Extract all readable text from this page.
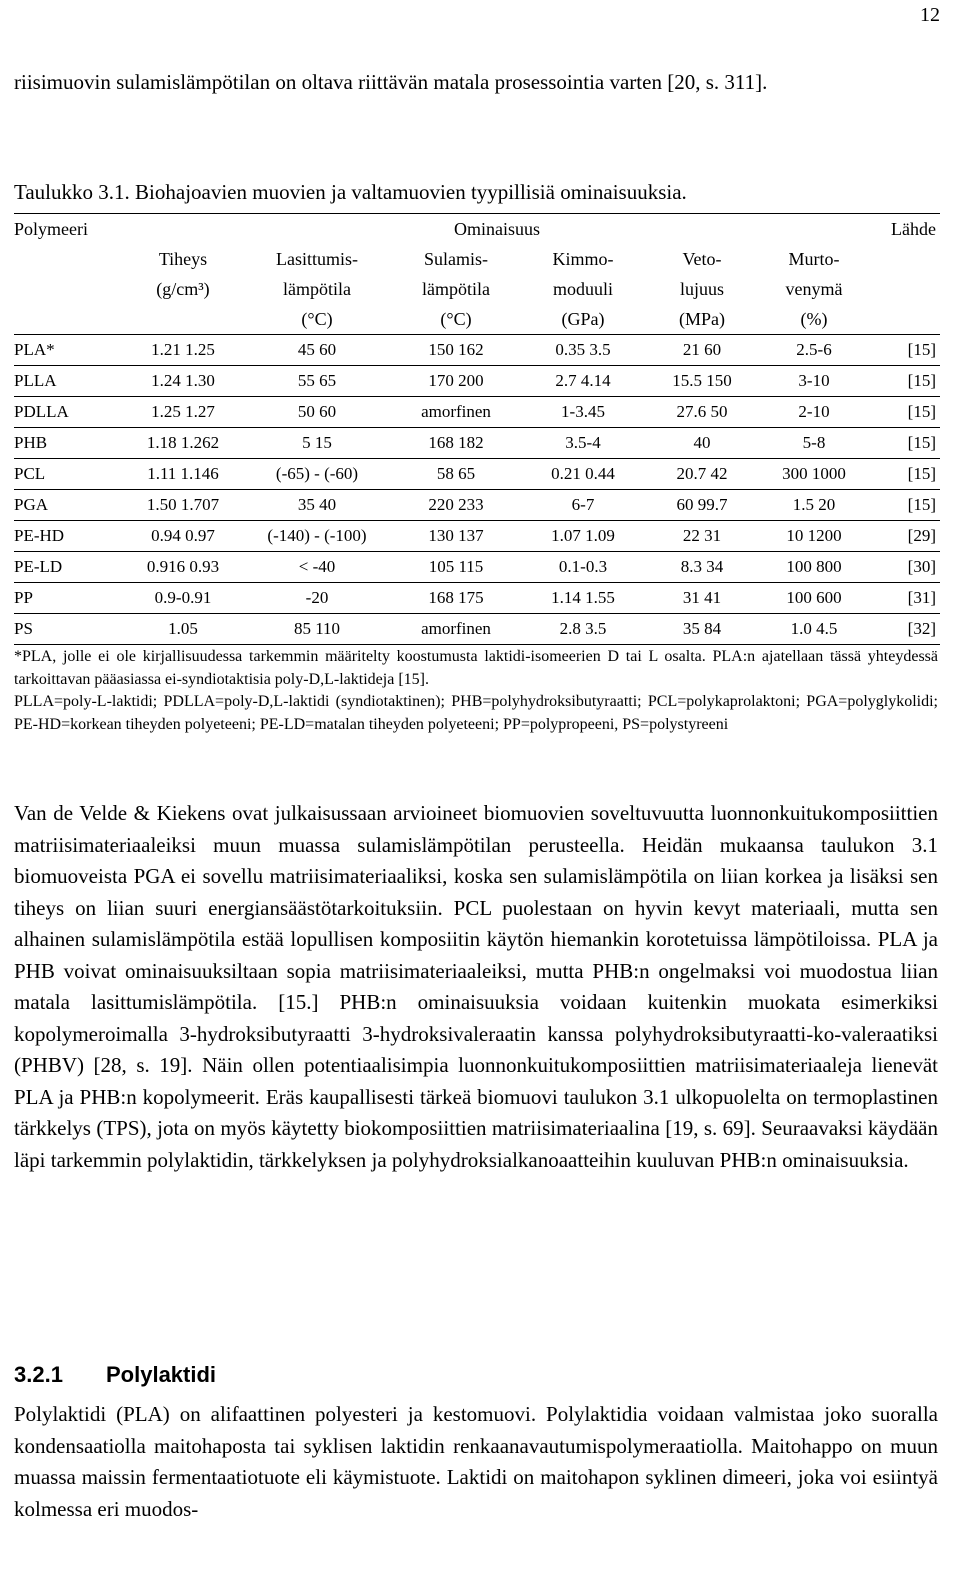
12

riisimuovin sulamislämpötilan on oltava riittävän matala prosessointia varten [20, s. 311].

Taulukko 3.1. Biohajoavien muovien ja valtamuovien tyypillisiä ominaisuuksia.

Polymeeri	Ominaisuus						Lähde
	Tiheys	Lasittumis-	Sulamis-	Kimmo-	Veto-	Murto-	
	(g/cm³)	lämpötila	lämpötila	moduuli	lujuus	venymä	
		(°C)	(°C)	(GPa)	(MPa)	(%)	
PLA*	1.21 1.25	45 60	150 162	0.35 3.5	21 60	2.5-6	[15]
PLLA	1.24 1.30	55 65	170 200	2.7 4.14	15.5 150	3-10	[15]
PDLLA	1.25 1.27	50 60	amorfinen	1-3.45	27.6 50	2-10	[15]
PHB	1.18 1.262	5 15	168 182	3.5-4	40	5-8	[15]
PCL	1.11 1.146	(-65) - (-60)	58 65	0.21 0.44	20.7 42	300 1000	[15]
PGA	1.50 1.707	35 40	220 233	6-7	60 99.7	1.5 20	[15]
PE-HD	0.94 0.97	(-140) - (-100)	130 137	1.07 1.09	22 31	10 1200	[29]
PE-LD	0.916 0.93	< -40	105 115	0.1-0.3	8.3 34	100 800	[30]
PP	0.9-0.91	-20	168 175	1.14 1.55	31 41	100 600	[31]
PS	1.05	85 110	amorfinen	2.8 3.5	35 84	1.0 4.5	[32]

*PLA, jolle ei ole kirjallisuudessa tarkemmin määritelty koostumusta laktidi-isomeerien D tai L osalta. PLA:n ajatellaan tässä yhteydessä tarkoittavan pääasiassa ei-syndiotaktisia poly-D,L-laktideja [15].

PLLA=poly-L-laktidi; PDLLA=poly-D,L-laktidi (syndiotaktinen); PHB=polyhydroksibutyraatti; PCL=polykaprolaktoni; PGA=polyglykolidi; PE-HD=korkean tiheyden polyeteeni; PE-LD=matalan tiheyden polyeteeni; PP=polypropeeni, PS=polystyreeni

Van de Velde & Kiekens ovat julkaisussaan arvioineet biomuovien soveltuvuutta luonnonkuitukomposiittien matriisimateriaaleiksi muun muassa sulamislämpötilan perusteella. Heidän mukaansa taulukon 3.1 biomuoveista PGA ei sovellu matriisimateriaaliksi, koska sen sulamislämpötila on liian korkea ja lisäksi sen tiheys on liian suuri energiansäästötarkoituksiin. PCL puolestaan on hyvin kevyt materiaali, mutta sen alhainen sulamislämpötila estää lopullisen komposiitin käytön hiemankin korotetuissa lämpötiloissa. PLA ja PHB voivat ominaisuuksiltaan sopia matriisimateriaaleiksi, mutta PHB:n ongelmaksi voi muodostua liian matala lasittumislämpötila. [15.] PHB:n ominaisuuksia voidaan kuitenkin muokata esimerkiksi kopolymeroimalla 3-hydroksibutyraatti 3-hydroksivaleraatin kanssa polyhydroksibutyraatti-ko-valeraatiksi (PHBV) [28, s. 19]. Näin ollen potentiaalisimpia luonnonkuitukomposiittien matriisimateriaaleja lienevät PLA ja PHB:n kopolymeerit. Eräs kaupallisesti tärkeä biomuovi taulukon 3.1 ulkopuolelta on termoplastinen tärkkelys (TPS), jota on myös käytetty biokomposiittien matriisimateriaalina [19, s. 69]. Seuraavaksi käydään läpi tarkemmin polylaktidin, tärkkelyksen ja polyhydroksialkanoaatteihin kuuluvan PHB:n ominaisuuksia.

3.2.1 Polylaktidi

Polylaktidi (PLA) on alifaattinen polyesteri ja kestomuovi. Polylaktidia voidaan valmistaa joko suoralla kondensaatiolla maitohaposta tai syklisen laktidin renkaanavautumispolymeraatiolla. Maitohappo on muun muassa maissin fermentaatiotuote eli käymistuote. Laktidi on maitohapon syklinen dimeeri, joka voi esiintyä kolmessa eri muodos-
